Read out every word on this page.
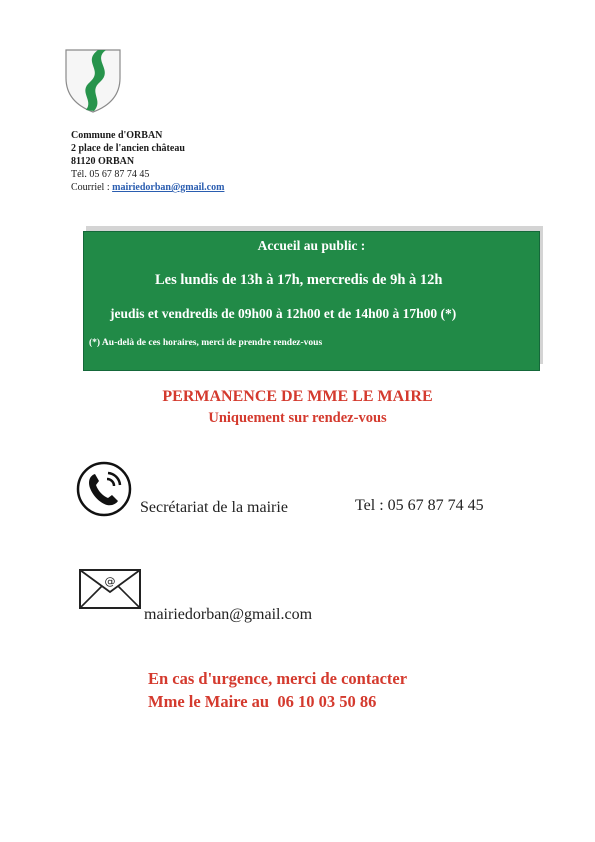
Commune d'ORBAN
2 place de l'ancien château
81120 ORBAN
Tél. 05 67 87 74 45
Courriel : mairiedorban@gmail.com
Accueil au public :
Les lundis de 13h à 17h, mercredis de 9h à 12h
jeudis et vendredis de 09h00 à 12h00 et de 14h00 à 17h00 (*)
(*) Au-delà de ces horaires, merci de prendre rendez-vous
PERMANENCE DE MME LE MAIRE
Uniquement sur rendez-vous
Secrétariat de la mairie	Tel : 05 67 87 74 45
@
mairiedorban@gmail.com
En cas d'urgence, merci de contacter
Mme le Maire au  06 10 03 50 86
